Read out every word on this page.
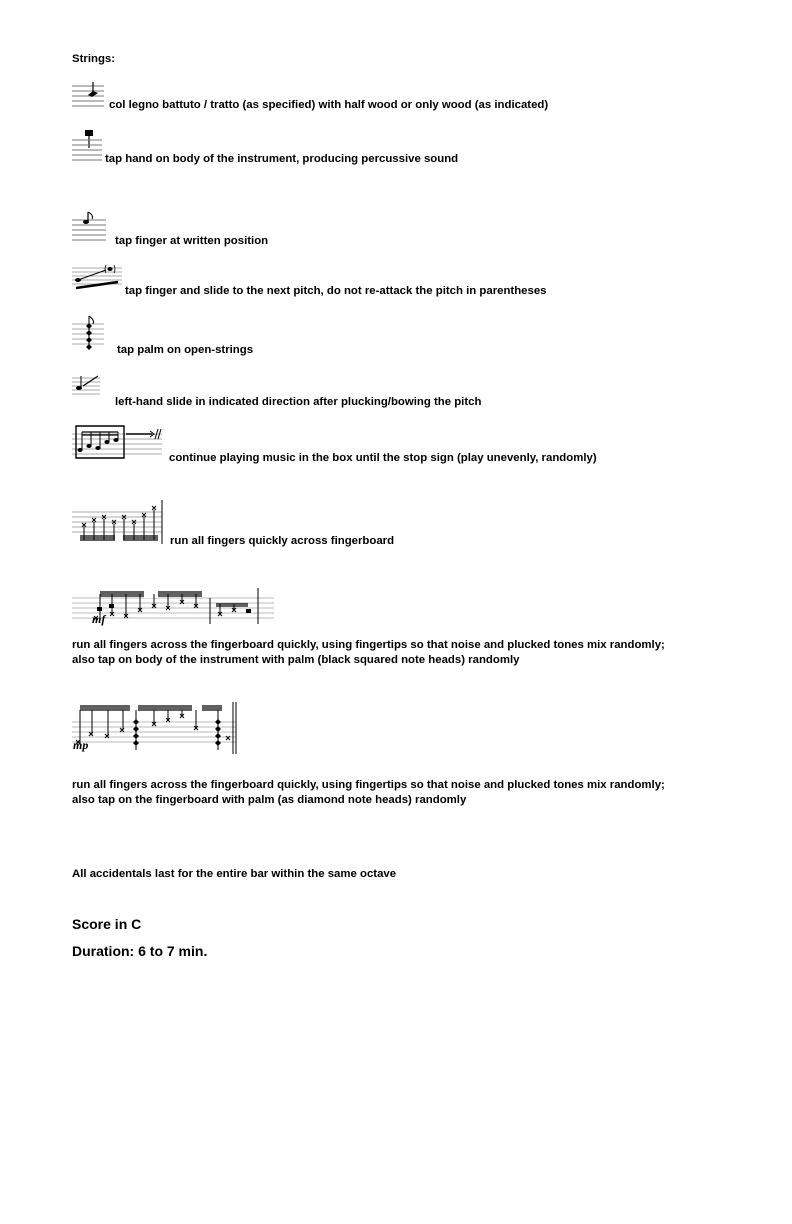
Strings:
col legno battuto / tratto (as specified) with half wood or only wood (as indicated)
tap hand on body of the instrument, producing percussive sound
tap finger at written position
tap finger and slide to the next pitch, do not re-attack the pitch in parentheses
tap palm on open-strings
left-hand slide in indicated direction after plucking/bowing the pitch
continue playing music in the box until the stop sign (play unevenly, randomly)
run all fingers quickly across fingerboard
mf
run all fingers across the fingerboard quickly, using fingertips so that noise and plucked tones mix randomly;
also tap on body of the instrument with palm (black squared note heads) randomly
mp
run all fingers across the fingerboard quickly, using fingertips so that noise and plucked tones mix randomly;
also tap on the fingerboard with palm (as diamond note heads) randomly
All accidentals last for the entire bar within the same octave
Score in C
Duration: 6 to 7 min.
